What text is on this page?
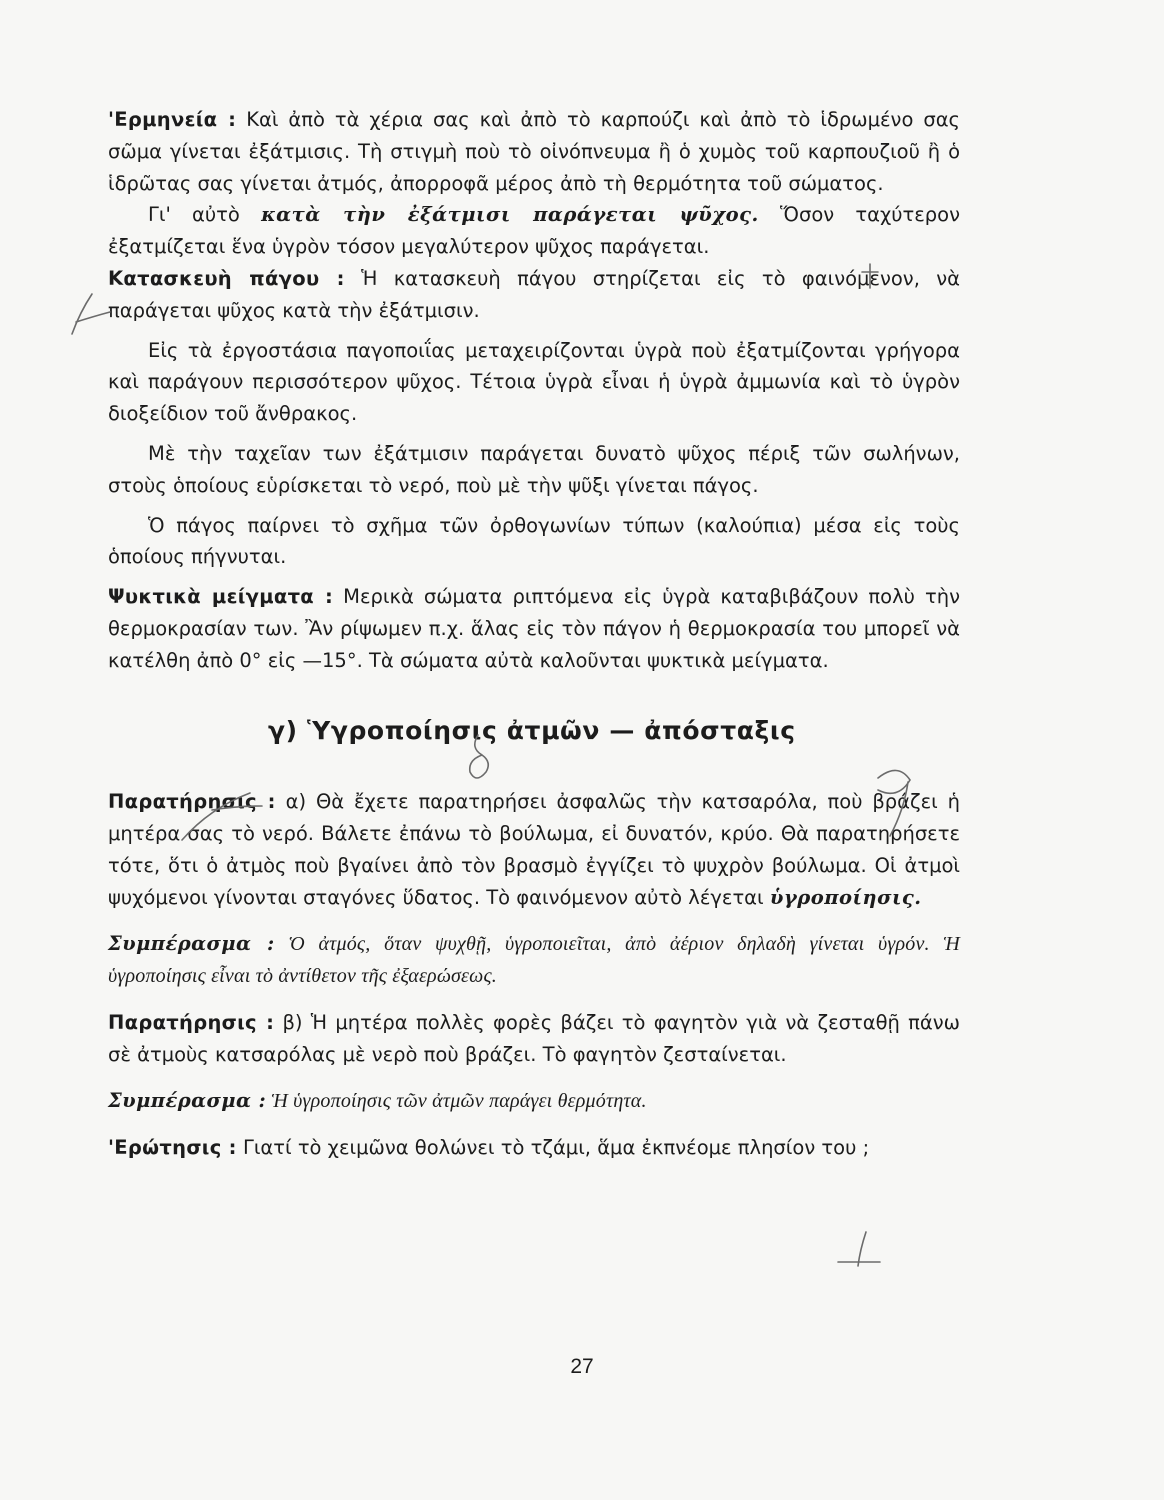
'Ερμηνεία : Καὶ ἀπὸ τὰ χέρια σας καὶ ἀπὸ τὸ καρπούζι καὶ ἀπὸ τὸ ἱδρωμένο σας σῶμα γίνεται ἐξάτμισις. Τὴ στιγμὴ ποὺ τὸ οἰνόπνευμα ἢ ὁ χυμὸς τοῦ καρπουζιοῦ ἢ ὁ ἱδρῶτας σας γίνεται ἀτμός, ἀπορροφᾶ μέρος ἀπὸ τὴ θερμότητα τοῦ σώματος.

Γι' αὐτὸ κατὰ τὴν ἐξάτμισι παράγεται ψῦχος. Ὅσον ταχύτερον ἐξατμίζεται ἕνα ὑγρὸν τόσον μεγαλύτερον ψῦχος παράγεται.

Κατασκευὴ πάγου : Ἡ κατασκευὴ πάγου στηρίζεται εἰς τὸ φαινόμενον, νὰ παράγεται ψῦχος κατὰ τὴν ἐξάτμισιν.

Εἰς τὰ ἐργοστάσια παγοποιΐας μεταχειρίζονται ὑγρὰ ποὺ ἐξατμίζονται γρήγορα καὶ παράγουν περισσότερον ψῦχος. Τέτοια ὑγρὰ εἶναι ἡ ὑγρὰ ἀμμωνία καὶ τὸ ὑγρὸν διοξείδιον τοῦ ἄνθρακος.

Μὲ τὴν ταχεῖαν των ἐξάτμισιν παράγεται δυνατὸ ψῦχος πέριξ τῶν σωλήνων, στοὺς ὁποίους εὑρίσκεται τὸ νερό, ποὺ μὲ τὴν ψῦξι γίνεται πάγος.

Ὁ πάγος παίρνει τὸ σχῆμα τῶν ὀρθογωνίων τύπων (καλούπια) μέσα εἰς τοὺς ὁποίους πήγνυται.

Ψυκτικὰ μείγματα : Μερικὰ σώματα ριπτόμενα εἰς ὑγρὰ καταβιβάζουν πολὺ τὴν θερμοκρασίαν των. Ἂν ρίψωμεν π.χ. ἅλας εἰς τὸν πάγον ἡ θερμοκρασία του μπορεῖ νὰ κατέλθη ἀπὸ 0° εἰς —15°. Τὰ σώματα αὐτὰ καλοῦνται ψυκτικὰ μείγματα.

γ) Ὑγροποίησις ἀτμῶν — ἀπόσταξις

Παρατήρησις : α) Θὰ ἔχετε παρατηρήσει ἀσφαλῶς τὴν κατσαρόλα, ποὺ βράζει ἡ μητέρα σας τὸ νερό. Βάλετε ἐπάνω τὸ βούλωμα, εἰ δυνατόν, κρύο. Θὰ παρατηρήσετε τότε, ὅτι ὁ ἀτμὸς ποὺ βγαίνει ἀπὸ τὸν βρασμὸ ἐγγίζει τὸ ψυχρὸν βούλωμα. Οἱ ἀτμοὶ ψυχόμενοι γίνονται σταγόνες ὕδατος. Τὸ φαινόμενον αὐτὸ λέγεται ὑγροποίησις.

Συμπέρασμα : Ὁ ἀτμός, ὅταν ψυχθῇ, ὑγροποιεῖται, ἀπὸ ἀέριον δηλαδὴ γίνεται ὑγρόν. Ἡ ὑγροποίησις εἶναι τὸ ἀντίθετον τῆς ἐξαερώσεως.

Παρατήρησις : β) Ἡ μητέρα πολλὲς φορὲς βάζει τὸ φαγητὸν γιὰ νὰ ζεσταθῇ πάνω σὲ ἀτμοὺς κατσαρόλας μὲ νερὸ ποὺ βράζει. Τὸ φαγητὸν ζεσταίνεται.

Συμπέρασμα : Ἡ ὑγροποίησις τῶν ἀτμῶν παράγει θερμότητα.

'Ερώτησις : Γιατί τὸ χειμῶνα θολώνει τὸ τζάμι, ἅμα ἐκπνέομε πλησίον του ;

27
